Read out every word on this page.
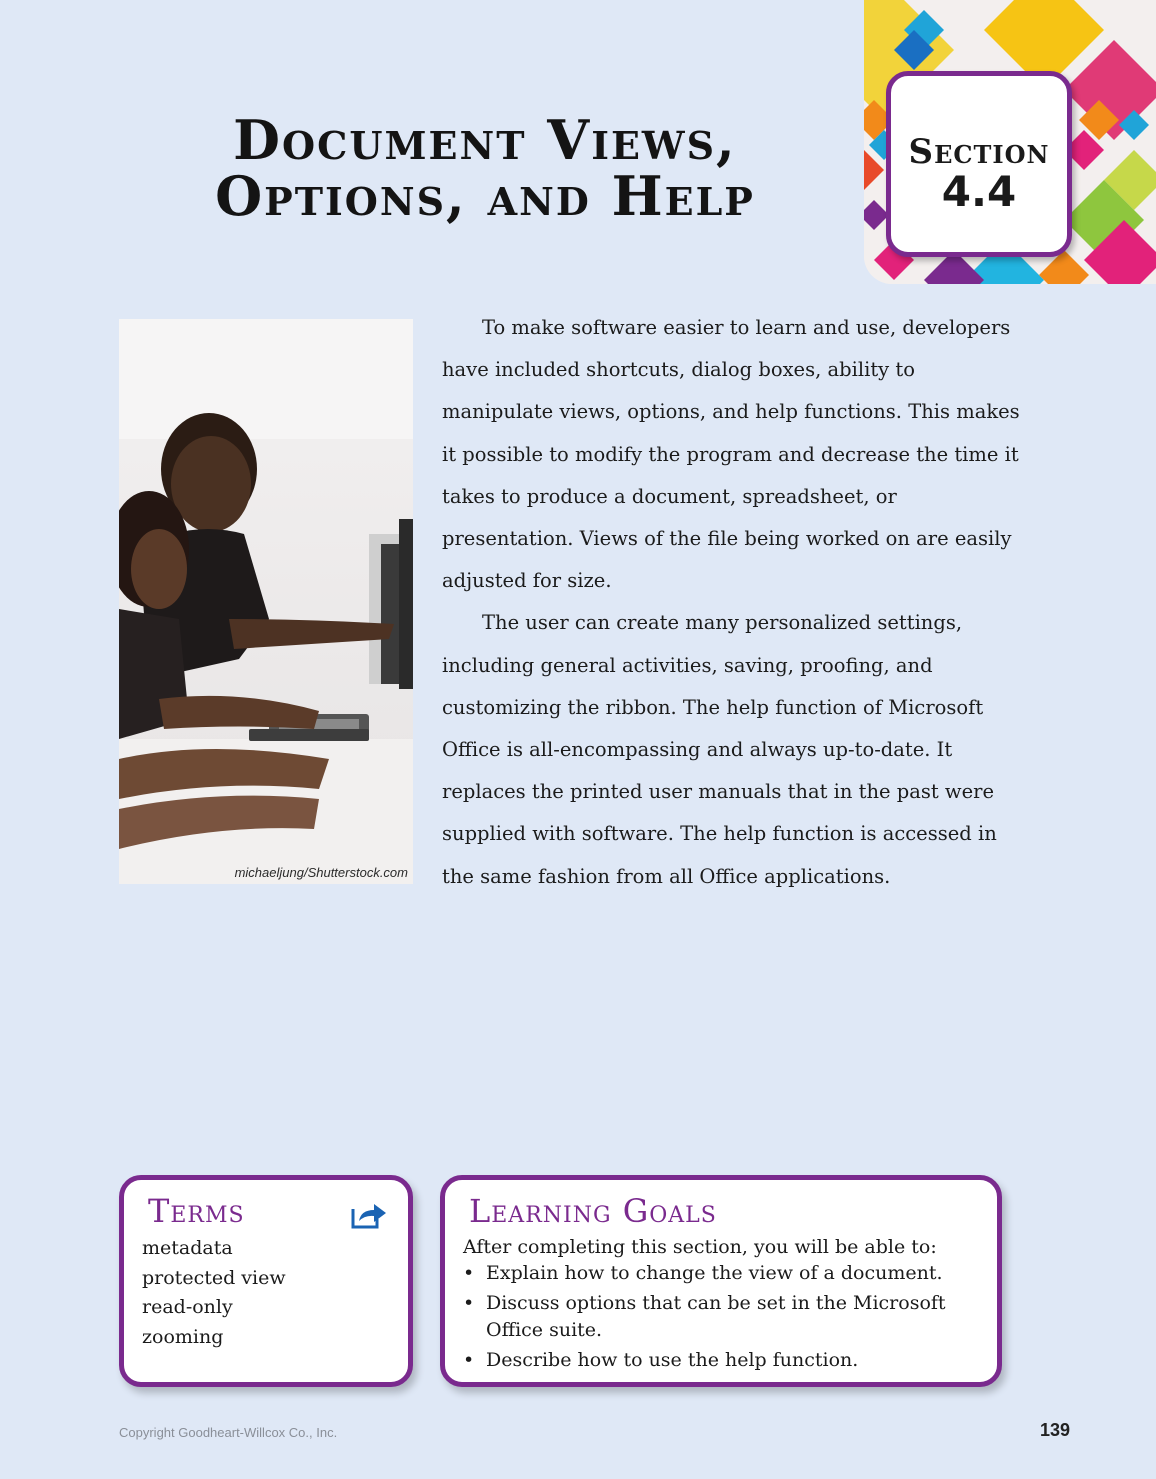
Document Views,
Options, and Help
Section
4.4
michaeljung/Shutterstock.com

To make software easier to learn and use, developers have included shortcuts, dialog boxes, ability to manipulate views, options, and help functions. This makes it possible to modify the program and decrease the time it takes to produce a document, spreadsheet, or presentation. Views of the file being worked on are easily adjusted for size.

The user can create many personalized settings, including general activities, saving, proofing, and customizing the ribbon. The help function of Microsoft Office is all-encompassing and always up-to-date. It replaces the printed user manuals that in the past were supplied with software. The help function is accessed in the same fashion from all Office applications.

Terms
metadata
protected view
read-only
zooming
Learning Goals
After completing this section, you will be able to:
• Explain how to change the view of a document.
• Discuss options that can be set in the Microsoft Office suite.
• Describe how to use the help function.
Copyright Goodheart-Willcox Co., Inc.	139
